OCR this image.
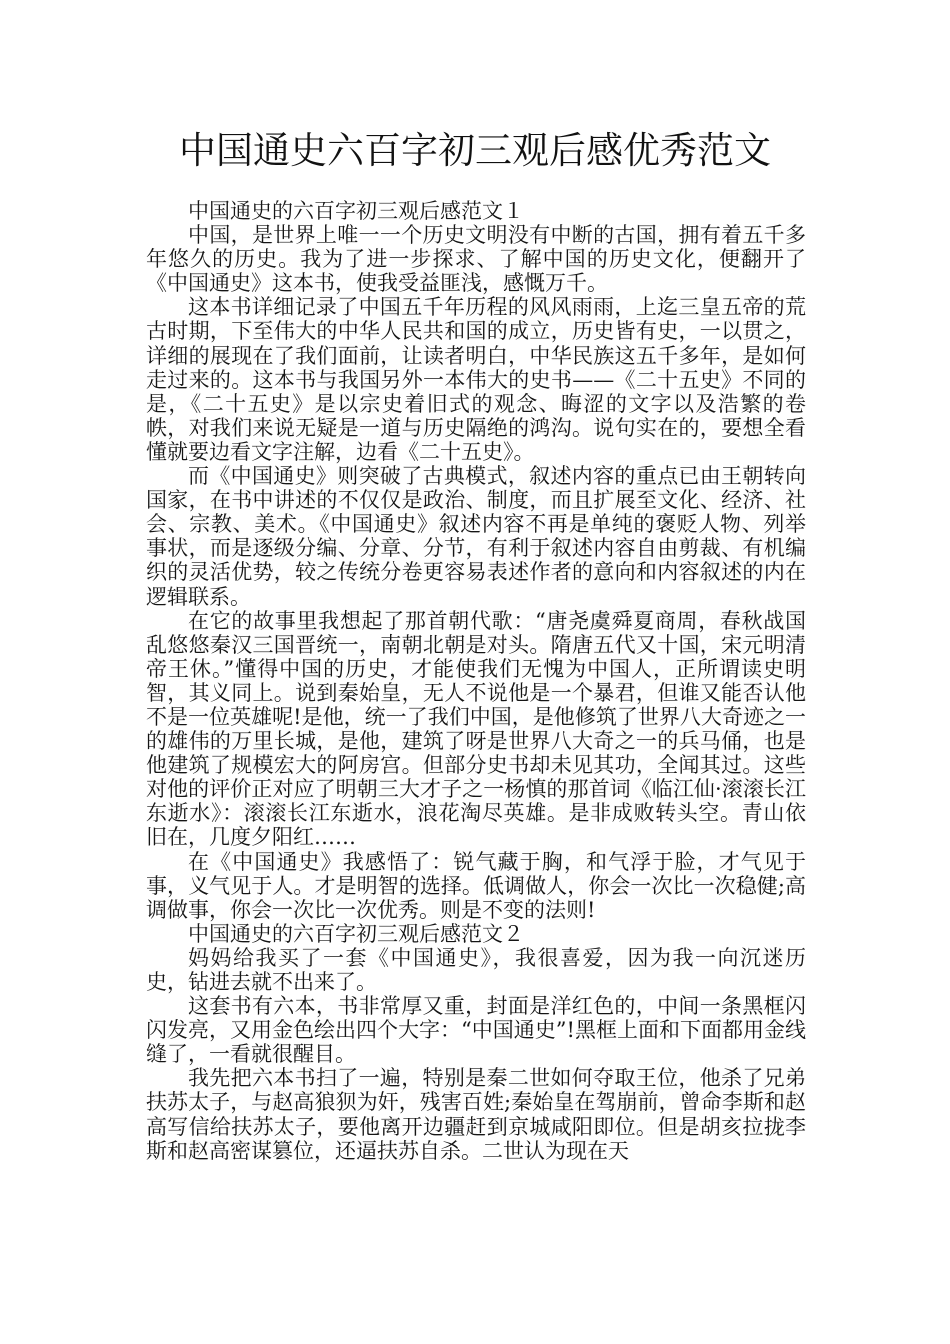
中国通史六百字初三观后感优秀范文

中国通史的六百字初三观后感范文１

中国，是世界上唯一一个历史文明没有中断的古国，拥有着五千多年悠久的历史。我为了进一步探求、了解中国的历史文化，便翻开了《中国通史》这本书，使我受益匪浅，感慨万千。

这本书详细记录了中国五千年历程的风风雨雨，上迄三皇五帝的荒古时期，下至伟大的中华人民共和国的成立，历史皆有史，一以贯之，详细的展现在了我们面前，让读者明白，中华民族这五千多年，是如何走过来的。这本书与我国另外一本伟大的史书——《二十五史》不同的是，《二十五史》是以宗史着旧式的观念、晦涩的文字以及浩繁的卷帙，对我们来说无疑是一道与历史隔绝的鸿沟。说句实在的，要想全看懂就要边看文字注解，边看《二十五史》。

而《中国通史》则突破了古典模式，叙述内容的重点已由王朝转向国家，在书中讲述的不仅仅是政治、制度，而且扩展至文化、经济、社会、宗教、美术。《中国通史》叙述内容不再是单纯的褒贬人物、列举事状，而是逐级分编、分章、分节，有利于叙述内容自由剪裁、有机编织的灵活优势，较之传统分卷更容易表述作者的意向和内容叙述的内在逻辑联系。

在它的故事里我想起了那首朝代歌：“唐尧虞舜夏商周，春秋战国乱悠悠秦汉三国晋统一，南朝北朝是对头。隋唐五代又十国，宋元明清帝王休。”懂得中国的历史，才能使我们无愧为中国人，正所谓读史明智，其义同上。说到秦始皇，无人不说他是一个暴君，但谁又能否认他不是一位英雄呢!是他，统一了我们中国，是他修筑了世界八大奇迹之一的雄伟的万里长城，是他，建筑了呀是世界八大奇之一的兵马俑，也是他建筑了规模宏大的阿房宫。但部分史书却未见其功，全闻其过。这些对他的评价正对应了明朝三大才子之一杨慎的那首词《临江仙·滚滚长江东逝水》：滚滚长江东逝水，浪花淘尽英雄。是非成败转头空。青山依旧在，几度夕阳红……

在《中国通史》我感悟了：锐气藏于胸，和气浮于脸，才气见于事，义气见于人。才是明智的选择。低调做人，你会一次比一次稳健;高调做事，你会一次比一次优秀。则是不变的法则!

中国通史的六百字初三观后感范文２

妈妈给我买了一套《中国通史》，我很喜爱，因为我一向沉迷历史，钻进去就不出来了。

这套书有六本，书非常厚又重，封面是洋红色的，中间一条黑框闪闪发亮，又用金色绘出四个大字：“中国通史”!黑框上面和下面都用金线缝了，一看就很醒目。

我先把六本书扫了一遍，特别是秦二世如何夺取王位，他杀了兄弟扶苏太子，与赵高狼狈为奸，残害百姓;秦始皇在驾崩前，曾命李斯和赵高写信给扶苏太子，要他离开边疆赶到京城咸阳即位。但是胡亥拉拢李斯和赵高密谋篡位，还逼扶苏自杀。二世认为现在天
